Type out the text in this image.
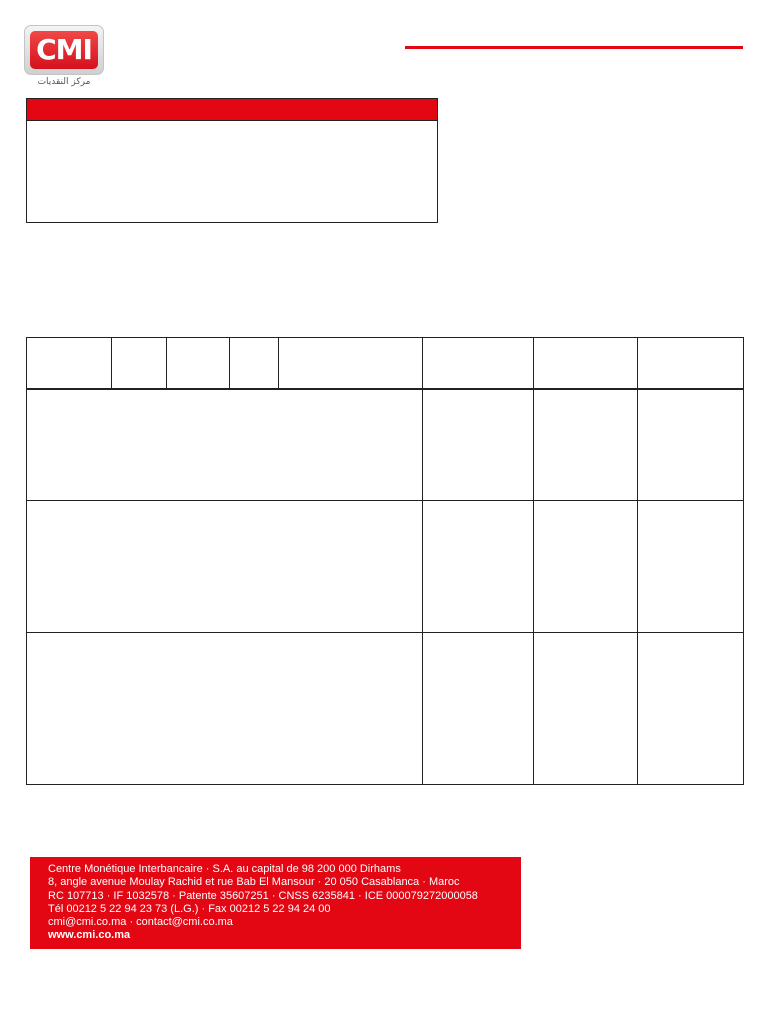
CMI
مركز النقديات

Centre Monétique Interbancaire · S.A. au capital de 98 200 000 Dirhams
8, angle avenue Moulay Rachid et rue Bab El Mansour · 20 050 Casablanca · Maroc
RC 107713 · IF 1032578 · Patente 35607251 · CNSS 6235841 · ICE 000079272000058
Tél 00212 5 22 94 23 73 (L.G.) · Fax 00212 5 22 94 24 00
cmi@cmi.co.ma · contact@cmi.co.ma
www.cmi.co.ma
